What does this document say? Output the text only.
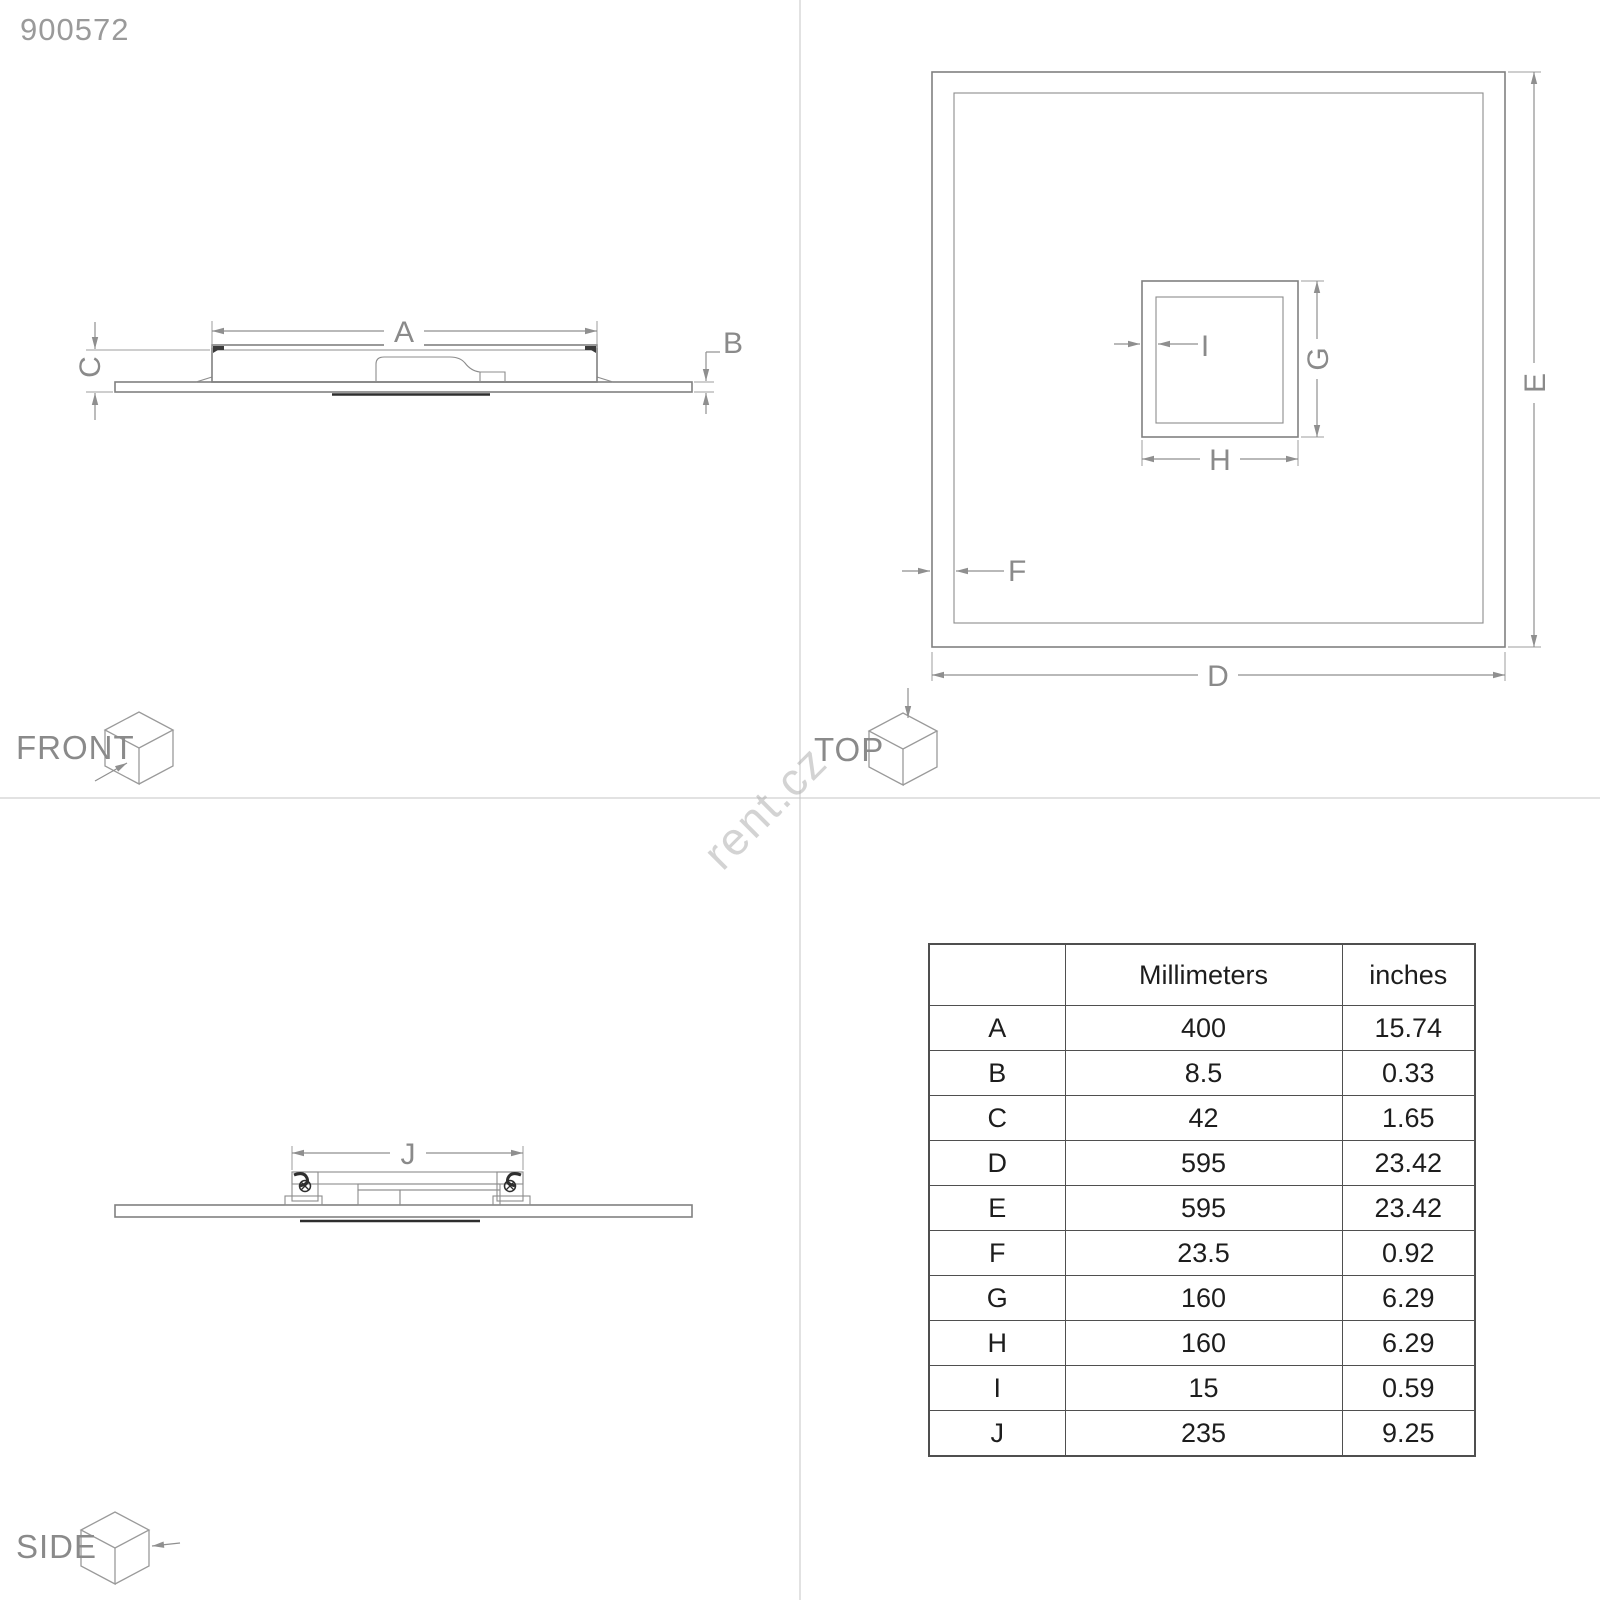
A
C
B	I	G
H
F
D
E
J
900572
FRONT	TOP
SIDE
rent.cz
	Millimeters	inches
A	400	15.74
B	8.5	0.33
C	42	1.65
D	595	23.42
E	595	23.42
F	23.5	0.92
G	160	6.29
H	160	6.29
I	15	0.59
J	235	9.25
